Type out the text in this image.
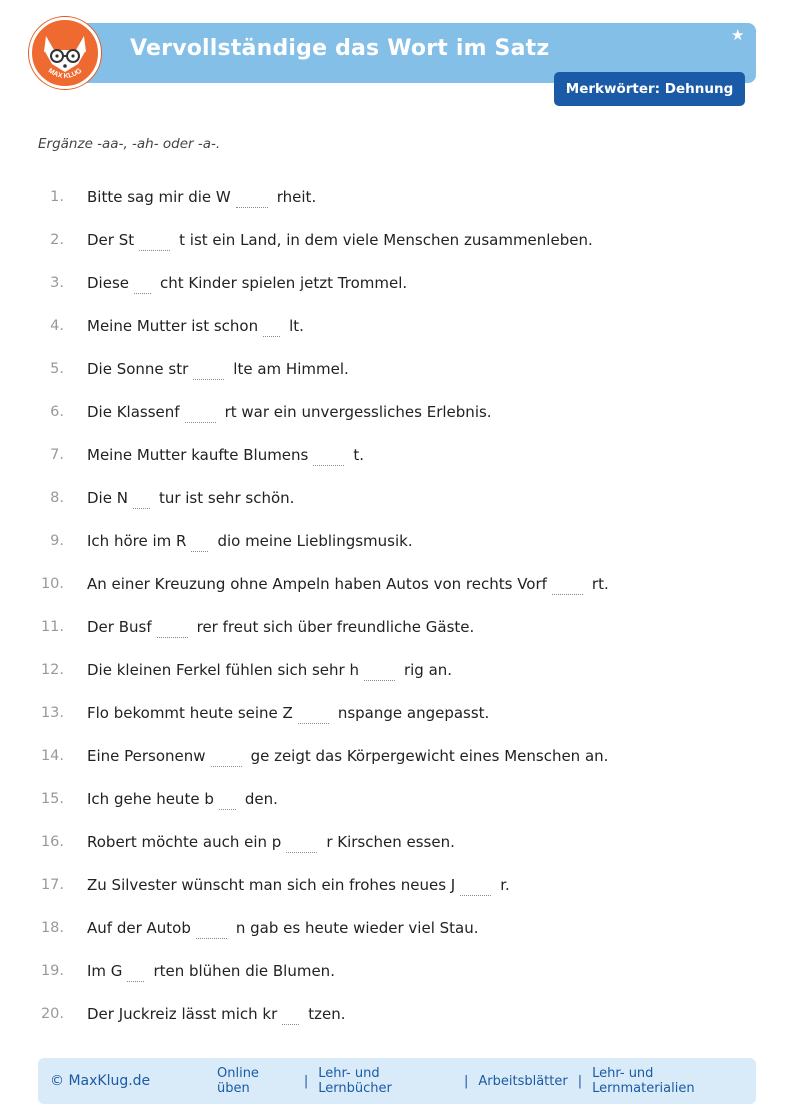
MAX KLUG
Vervollständige das Wort im Satz
★
Merkwörter: Dehnung
Ergänze -aa-, -ah- oder -a-.
1. Bitte sag mir die W	rheit.
2. Der St	t ist ein Land, in dem viele Menschen zusammenleben.
3. Diese cht Kinder spielen jetzt Trommel.
4. Meine Mutter ist schon lt.
5. Die Sonne str	lte am Himmel.
6. Die Klassenf	rt war ein unvergessliches Erlebnis.
7. Meine Mutter kaufte Blumens	t.
8. Die N tur ist sehr schön.
9. Ich höre im R dio meine Lieblingsmusik.
10. An einer Kreuzung ohne Ampeln haben Autos von rechts Vorf	rt.
11. Der Busf	rer freut sich über freundliche Gäste.
12. Die kleinen Ferkel fühlen sich sehr h	rig an.
13. Flo bekommt heute seine Z	nspange angepasst.
14. Eine Personenw	ge zeigt das Körpergewicht eines Menschen an.
15. Ich gehe heute b den.
16. Robert möchte auch ein p	r Kirschen essen.
17. Zu Silvester wünscht man sich ein frohes neues J	r.
18. Auf der Autob	n gab es heute wieder viel Stau.
19. Im G rten blühen die Blumen.
20. Der Juckreiz lässt mich kr tzen.
© MaxKlug.de	Online üben	| Lehr- und Lernbücher	| Arbeitsblätter | Lehr- und Lernmaterialien
